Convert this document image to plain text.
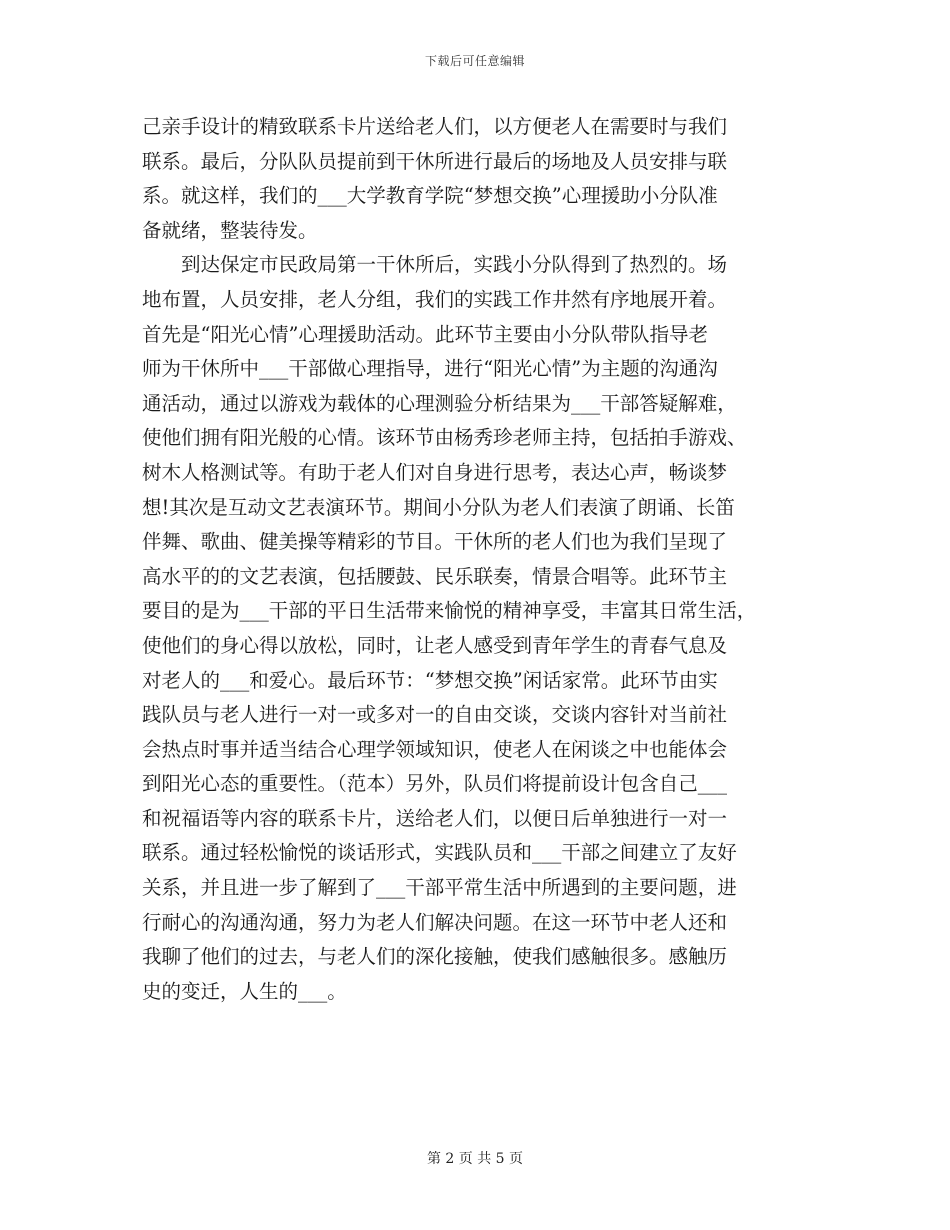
下载后可任意编辑
己亲手设计的精致联系卡片送给老人们，以方便老人在需要时与我们
联系。最后，分队队员提前到干休所进行最后的场地及人员安排与联
系。就这样，我们的___大学教育学院“梦想交换”心理援助小分队准
备就绪，整装待发。
　　到达保定市民政局第一干休所后，实践小分队得到了热烈的。场
地布置，人员安排，老人分组，我们的实践工作井然有序地展开着。
首先是“阳光心情”心理援助活动。此环节主要由小分队带队指导老
师为干休所中___干部做心理指导，进行“阳光心情”为主题的沟通沟
通活动，通过以游戏为载体的心理测验分析结果为___干部答疑解难，
使他们拥有阳光般的心情。该环节由杨秀珍老师主持，包括拍手游戏、
树木人格测试等。有助于老人们对自身进行思考，表达心声，畅谈梦
想!其次是互动文艺表演环节。期间小分队为老人们表演了朗诵、长笛
伴舞、歌曲、健美操等精彩的节目。干休所的老人们也为我们呈现了
高水平的的文艺表演，包括腰鼓、民乐联奏，情景合唱等。此环节主
要目的是为___干部的平日生活带来愉悦的精神享受，丰富其日常生活，
使他们的身心得以放松，同时，让老人感受到青年学生的青春气息及
对老人的___和爱心。最后环节：“梦想交换”闲话家常。此环节由实
践队员与老人进行一对一或多对一的自由交谈，交谈内容针对当前社
会热点时事并适当结合心理学领域知识，使老人在闲谈之中也能体会
到阳光心态的重要性。（范本）另外，队员们将提前设计包含自己___
和祝福语等内容的联系卡片，送给老人们，以便日后单独进行一对一
联系。通过轻松愉悦的谈话形式，实践队员和___干部之间建立了友好
关系，并且进一步了解到了___干部平常生活中所遇到的主要问题，进
行耐心的沟通沟通，努力为老人们解决问题。在这一环节中老人还和
我聊了他们的过去，与老人们的深化接触，使我们感触很多。感触历
史的变迁，人生的___。
第 2 页 共 5 页
